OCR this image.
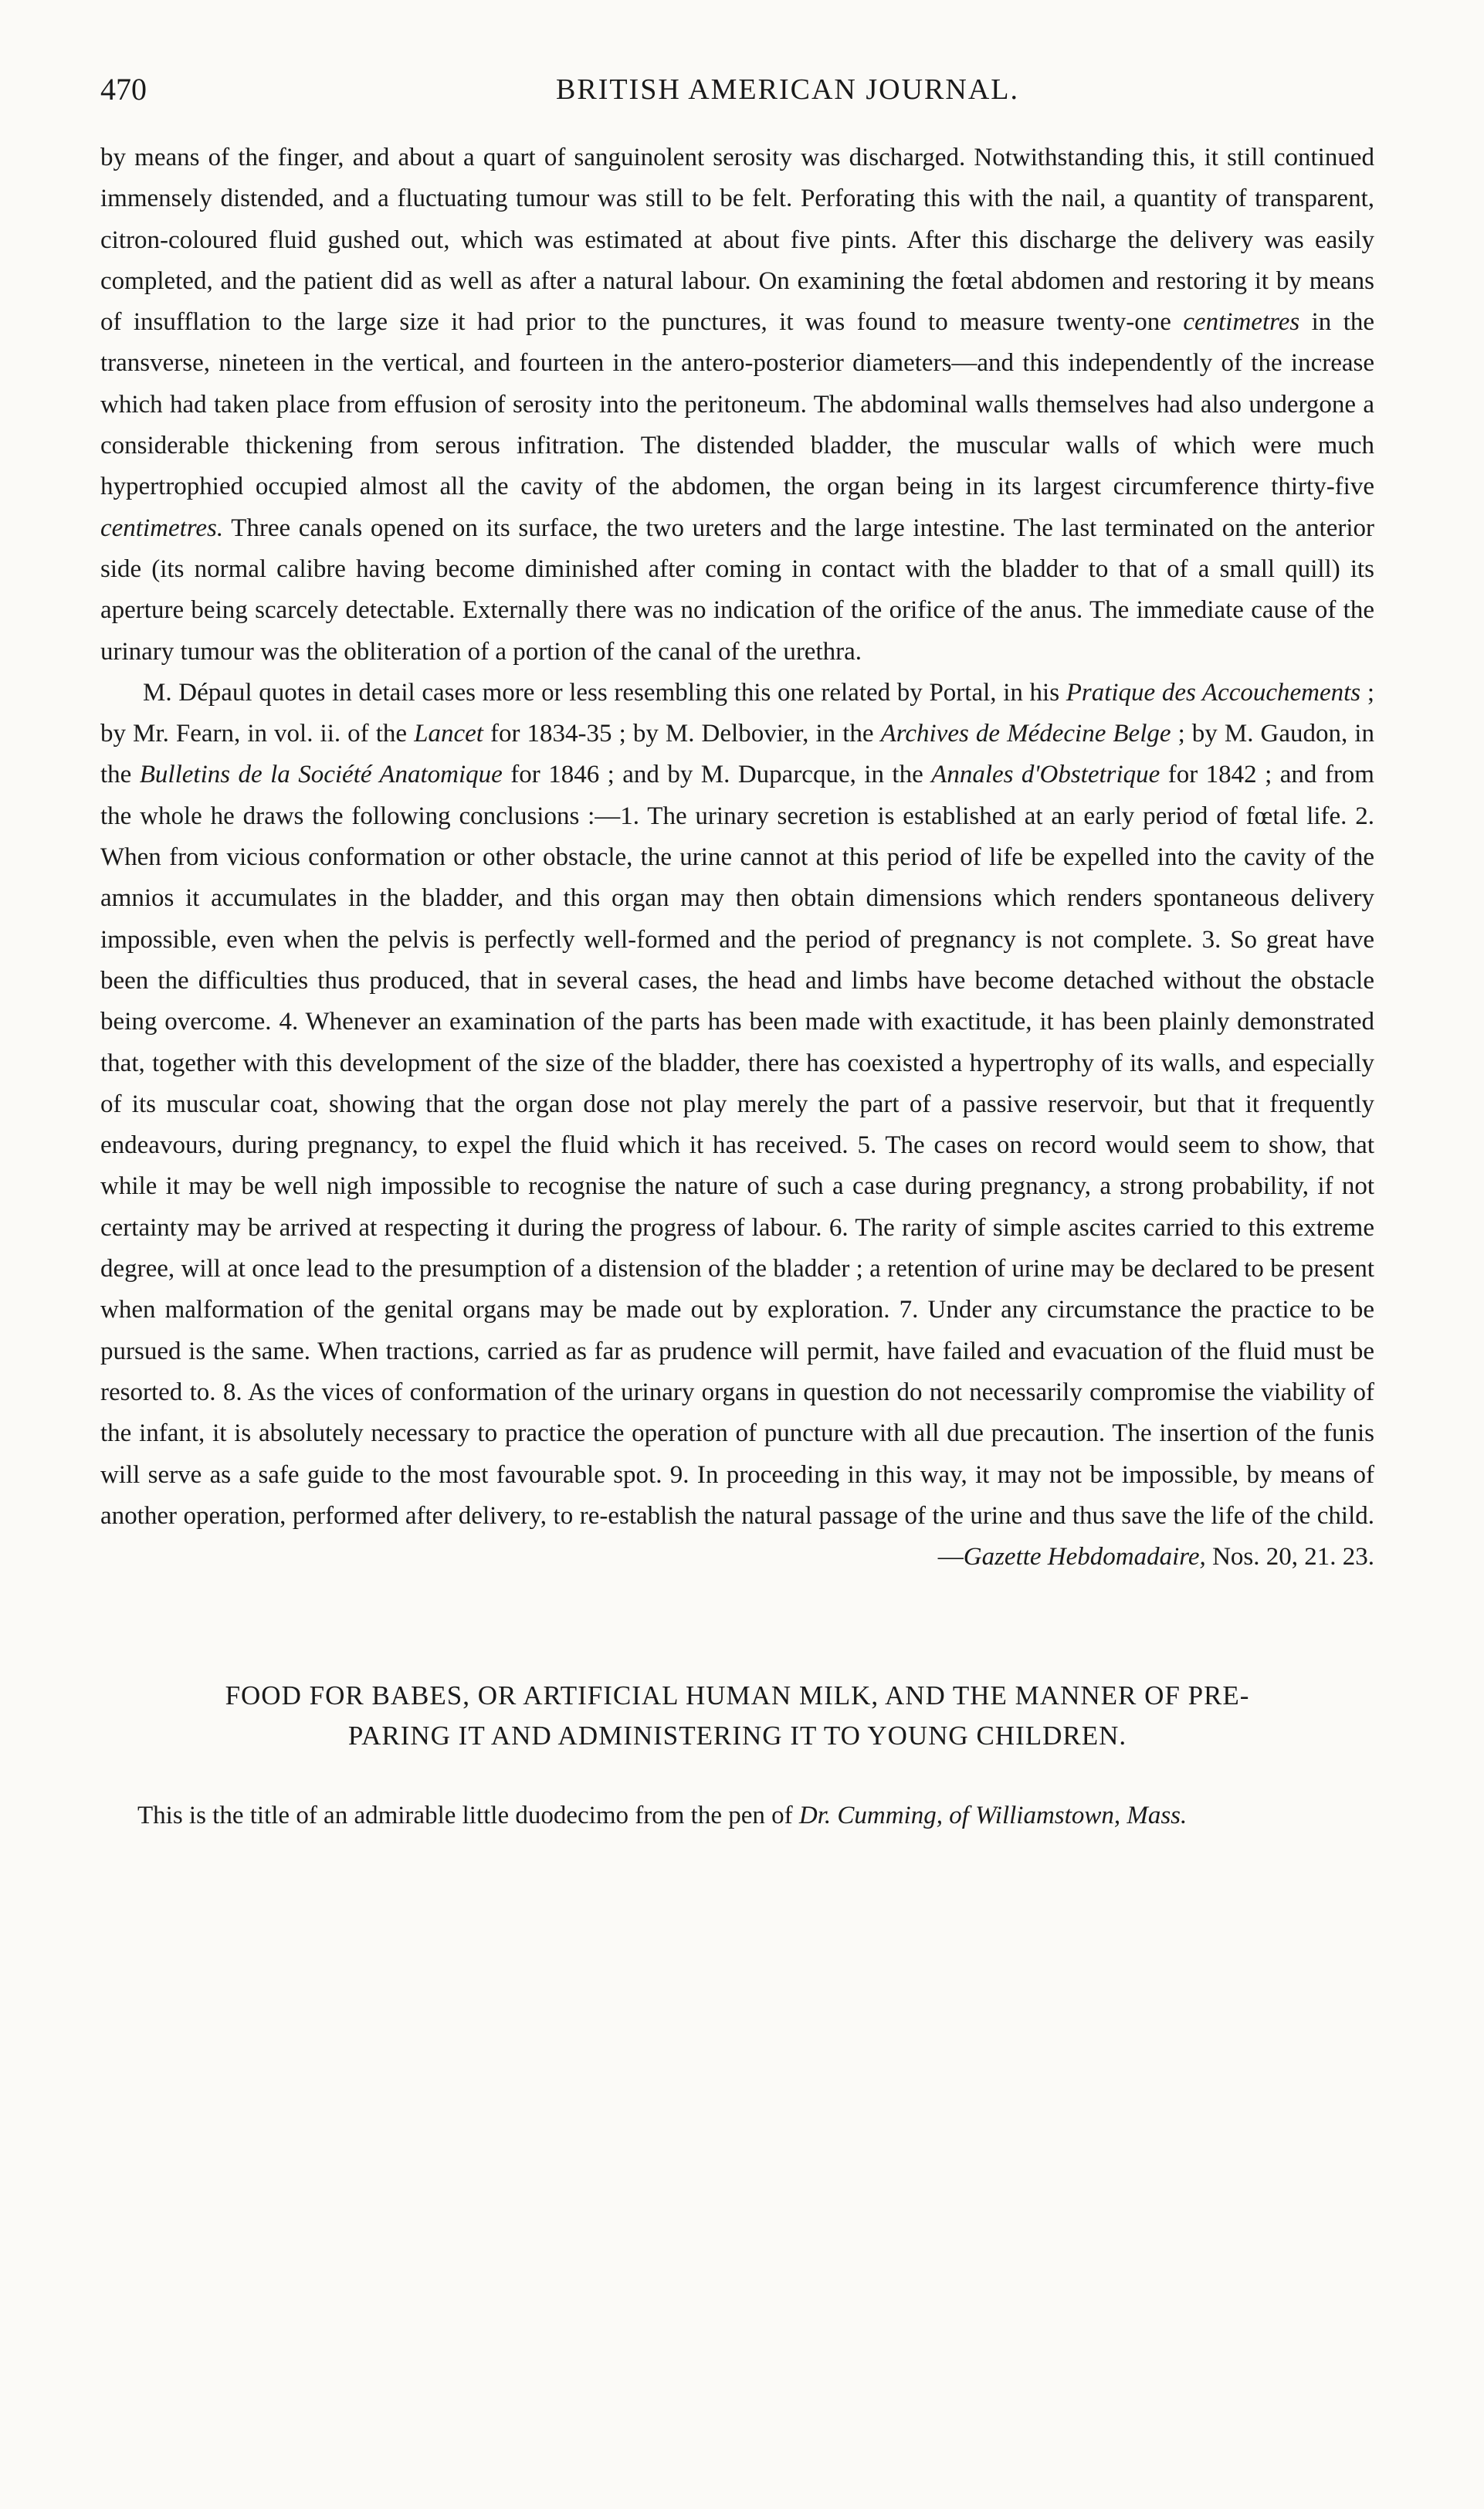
470	BRITISH AMERICAN JOURNAL.

by means of the finger, and about a quart of sanguinolent serosity was discharged. Notwithstanding this, it still continued immensely distended, and a fluctuating tumour was still to be felt. Perforating this with the nail, a quantity of transparent, citron-coloured fluid gushed out, which was estimated at about five pints. After this discharge the delivery was easily completed, and the patient did as well as after a natural labour. On examining the fœtal abdomen and restoring it by means of insufflation to the large size it had prior to the punctures, it was found to measure twenty-one centimetres in the transverse, nineteen in the vertical, and fourteen in the antero-posterior diameters—and this independently of the increase which had taken place from effusion of serosity into the peritoneum. The abdominal walls themselves had also undergone a considerable thickening from serous infitration. The distended bladder, the muscular walls of which were much hypertrophied occupied almost all the cavity of the abdomen, the organ being in its largest circumference thirty-five centimetres. Three canals opened on its surface, the two ureters and the large intestine. The last terminated on the anterior side (its normal calibre having become diminished after coming in contact with the bladder to that of a small quill) its aperture being scarcely detectable. Externally there was no indication of the orifice of the anus. The immediate cause of the urinary tumour was the obliteration of a portion of the canal of the urethra.

M. Dépaul quotes in detail cases more or less resembling this one related by Portal, in his Pratique des Accouchements ; by Mr. Fearn, in vol. ii. of the Lancet for 1834-35 ; by M. Delbovier, in the Archives de Médecine Belge ; by M. Gaudon, in the Bulletins de la Société Anatomique for 1846 ; and by M. Duparcque, in the Annales d'Obstetrique for 1842 ; and from the whole he draws the following conclusions :—1. The urinary secretion is established at an early period of fœtal life. 2. When from vicious conformation or other obstacle, the urine cannot at this period of life be expelled into the cavity of the amnios it accumulates in the bladder, and this organ may then obtain dimensions which renders spontaneous delivery impossible, even when the pelvis is perfectly well-formed and the period of pregnancy is not complete. 3. So great have been the difficulties thus produced, that in several cases, the head and limbs have become detached without the obstacle being overcome. 4. Whenever an examination of the parts has been made with exactitude, it has been plainly demonstrated that, together with this development of the size of the bladder, there has coexisted a hypertrophy of its walls, and especially of its muscular coat, showing that the organ dose not play merely the part of a passive reservoir, but that it frequently endeavours, during pregnancy, to expel the fluid which it has received. 5. The cases on record would seem to show, that while it may be well nigh impossible to recognise the nature of such a case during pregnancy, a strong probability, if not certainty may be arrived at respecting it during the progress of labour. 6. The rarity of simple ascites carried to this extreme degree, will at once lead to the presumption of a distension of the bladder ; a retention of urine may be declared to be present when malformation of the genital organs may be made out by exploration. 7. Under any circumstance the practice to be pursued is the same. When tractions, carried as far as prudence will permit, have failed and evacuation of the fluid must be resorted to. 8. As the vices of conformation of the urinary organs in question do not necessarily compromise the viability of the infant, it is absolutely necessary to practice the operation of puncture with all due precaution. The insertion of the funis will serve as a safe guide to the most favourable spot. 9. In proceeding in this way, it may not be impossible, by means of another operation, performed after delivery, to re-establish the natural passage of the urine and thus save the life of the child.—Gazette Hebdomadaire, Nos. 20, 21. 23.

FOOD FOR BABES, OR ARTIFICIAL HUMAN MILK, AND THE MANNER OF PRE-
PARING IT AND ADMINISTERING IT TO YOUNG CHILDREN.

This is the title of an admirable little duodecimo from the pen of Dr. Cumming, of Williamstown, Mass.
